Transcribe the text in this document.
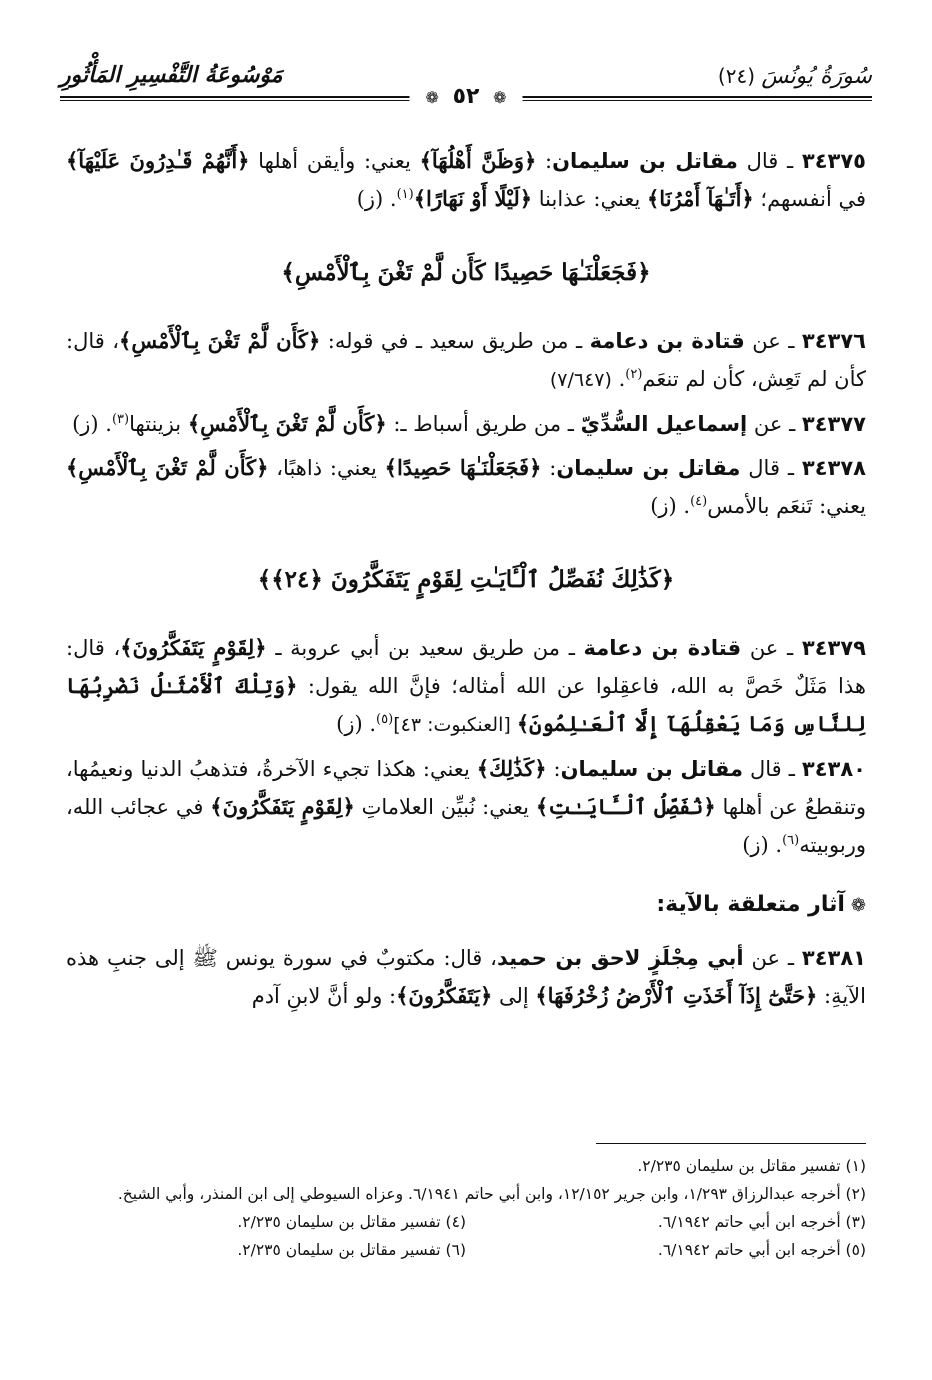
سُورَةُ يُونُسَ (٢٤)
مَوْسُوعَةُ التَّفْسِيرِ المَأْثُورِ
❁ ٥٢ ❁

٣٤٣٧٥ ـ قال مقاتل بن سليمان: ﴿وَظَنَّ أَهْلُهَآ﴾ يعني: وأيقن أهلها ﴿أَنَّهُمْ قَـٰدِرُونَ عَلَيْهَآ﴾ في أنفسهم؛ ﴿أَتَـٰهَآ أَمْرُنَا﴾ يعني: عذابنا ﴿لَيْلًا أَوْ نَهَارًا﴾$^{(١)}$. (ز)

﴿فَجَعَلْنَـٰهَا حَصِيدًا كَأَن لَّمْ تَغْنَ بِٱلْأَمْسِ﴾

٣٤٣٧٦ ـ عن قتادة بن دعامة ـ من طريق سعيد ـ في قوله: ﴿كَأَن لَّمْ تَغْنَ بِٱلْأَمْسِ﴾، قال: كأن لم تَعِش، كأن لم تنعَم$^{(٢)}$. (٧/٦٤٧)

٣٤٣٧٧ ـ عن إسماعيل السُّدِّيّ ـ من طريق أسباط ـ: ﴿كَأَن لَّمْ تَغْنَ بِٱلْأَمْسِ﴾ بزينتها$^{(٣)}$. (ز)

٣٤٣٧٨ ـ قال مقاتل بن سليمان: ﴿فَجَعَلْنَـٰهَا حَصِيدًا﴾ يعني: ذاهبًا، ﴿كَأَن لَّمْ تَغْنَ بِٱلْأَمْسِ﴾ يعني: تَنعَم بالأمس$^{(٤)}$. (ز)

﴿كَذَٰلِكَ نُفَصِّلُ ٱلْـَٔايَـٰتِ لِقَوْمٍ يَتَفَكَّرُونَ ﴿٢٤﴾﴾

٣٤٣٧٩ ـ عن قتادة بن دعامة ـ من طريق سعيد بن أبي عروبة ـ ﴿لِقَوْمٍ يَتَفَكَّرُونَ﴾، قال: هذا مَثَلٌ خَصَّ به الله، فاعقِلوا عن الله أمثاله؛ فإنَّ الله يقول: ﴿وَتِلْكَ ٱلْأَمْثَـٰلُ نَضْرِبُهَا لِلنَّاسِ وَمَا يَعْقِلُهَآ إِلَّا ٱلْعَـٰلِمُونَ﴾ [العنكبوت: ٤٣]$^{(٥)}$. (ز)

٣٤٣٨٠ ـ قال مقاتل بن سليمان: ﴿كَذَٰلِكَ﴾ يعني: هكذا تجيء الآخرةُ، فتذهبُ الدنيا ونعيمُها، وتنقطعُ عن أهلها ﴿نُفَصِّلُ ٱلْـَٔايَـٰتِ﴾ يعني: نُبيِّن العلاماتِ ﴿لِقَوْمٍ يَتَفَكَّرُونَ﴾ في عجائب الله، وربوبيته$^{(٦)}$. (ز)

❁آثار متعلقة بالآية:

٣٤٣٨١ ـ عن أبي مِجْلَزٍ لاحق بن حميد، قال: مكتوبٌ في سورة يونس ﷺ إلى جنبِ هذه الآيةِ: ﴿حَتَّىٰٓ إِذَآ أَخَذَتِ ٱلْأَرْضُ زُخْرُفَهَا﴾ إلى ﴿يَتَفَكَّرُونَ﴾: ولو أنَّ لابنِ آدم

(١) تفسير مقاتل بن سليمان ٢/٢٣٥.

(٢) أخرجه عبدالرزاق ١/٢٩٣، وابن جرير ١٢/١٥٢، وابن أبي حاتم ٦/١٩٤١. وعزاه السيوطي إلى ابن المنذر، وأبي الشيخ.

(٣) أخرجه ابن أبي حاتم ٦/١٩٤٢.

(٤) تفسير مقاتل بن سليمان ٢/٢٣٥.

(٥) أخرجه ابن أبي حاتم ٦/١٩٤٢.

(٦) تفسير مقاتل بن سليمان ٢/٢٣٥.
